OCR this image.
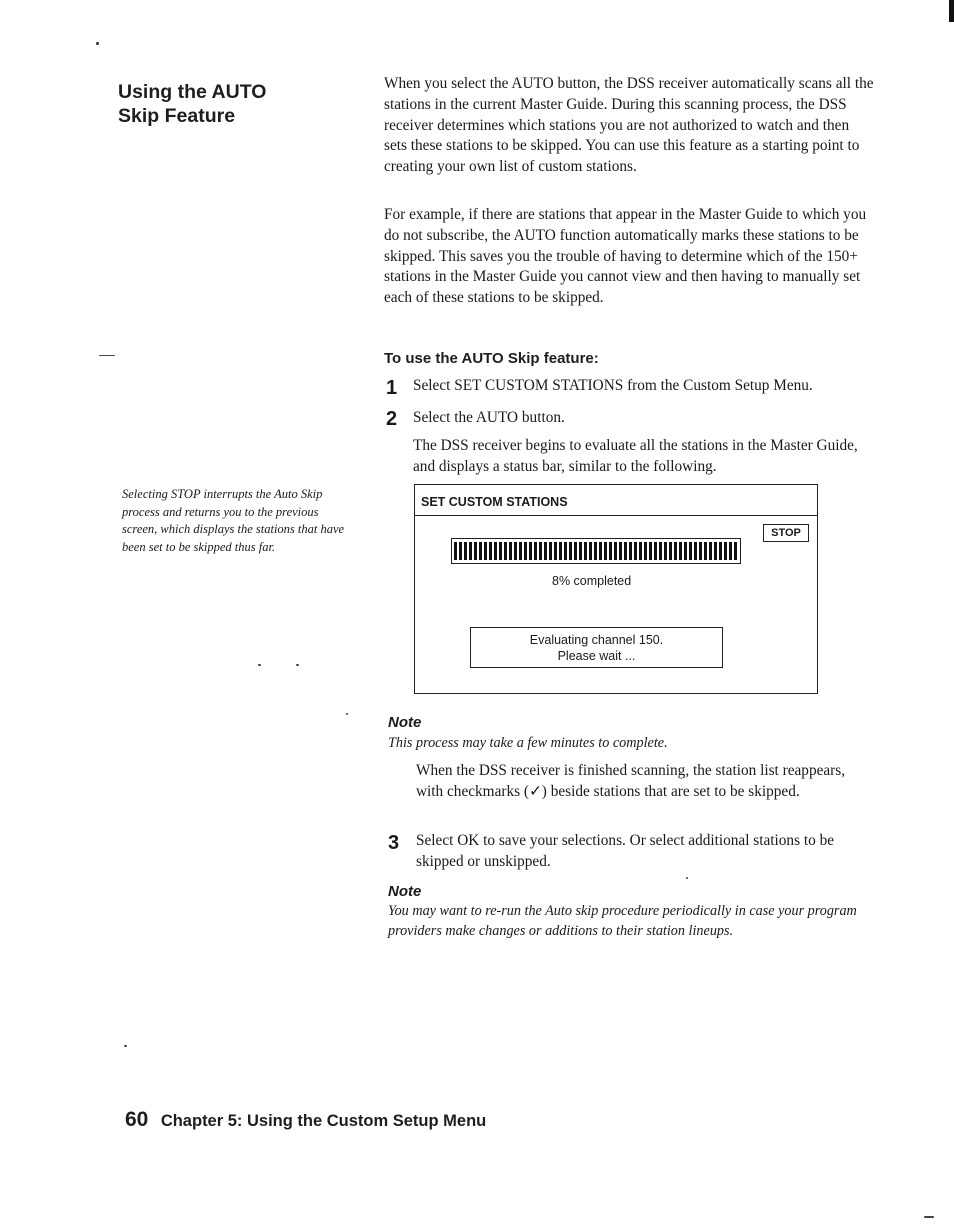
Using the AUTO
Skip Feature

When you select the AUTO button, the DSS receiver automatically scans all the stations in the current Master Guide. During this scanning process, the DSS receiver determines which stations you are not authorized to watch and then sets these stations to be skipped. You can use this feature as a starting point to creating your own list of custom stations.

For example, if there are stations that appear in the Master Guide to which you do not subscribe, the AUTO function automatically marks these stations to be skipped. This saves you the trouble of having to determine which of the 150+ stations in the Master Guide you cannot view and then having to manually set each of these stations to be skipped.

To use the AUTO Skip feature:
1 Select SET CUSTOM STATIONS from the Custom Setup Menu.

2 Select the AUTO button.

The DSS receiver begins to evaluate all the stations in the Master Guide, and displays a status bar, similar to the following.

Selecting STOP interrupts the Auto Skip process and returns you to the previous screen, which displays the stations that have been set to be skipped thus far.

SET CUSTOM STATIONS
STOP
8% completed
Evaluating channel 150.
Please wait ...

Note

This process may take a few minutes to complete.

When the DSS receiver is finished scanning, the station list reappears, with checkmarks (✓) beside stations that are set to be skipped.

3 Select OK to save your selections. Or select additional stations to be skipped or unskipped.

Note

You may want to re-run the Auto skip procedure periodically in case your program providers make changes or additions to their station lineups.

60 Chapter 5: Using the Custom Setup Menu
